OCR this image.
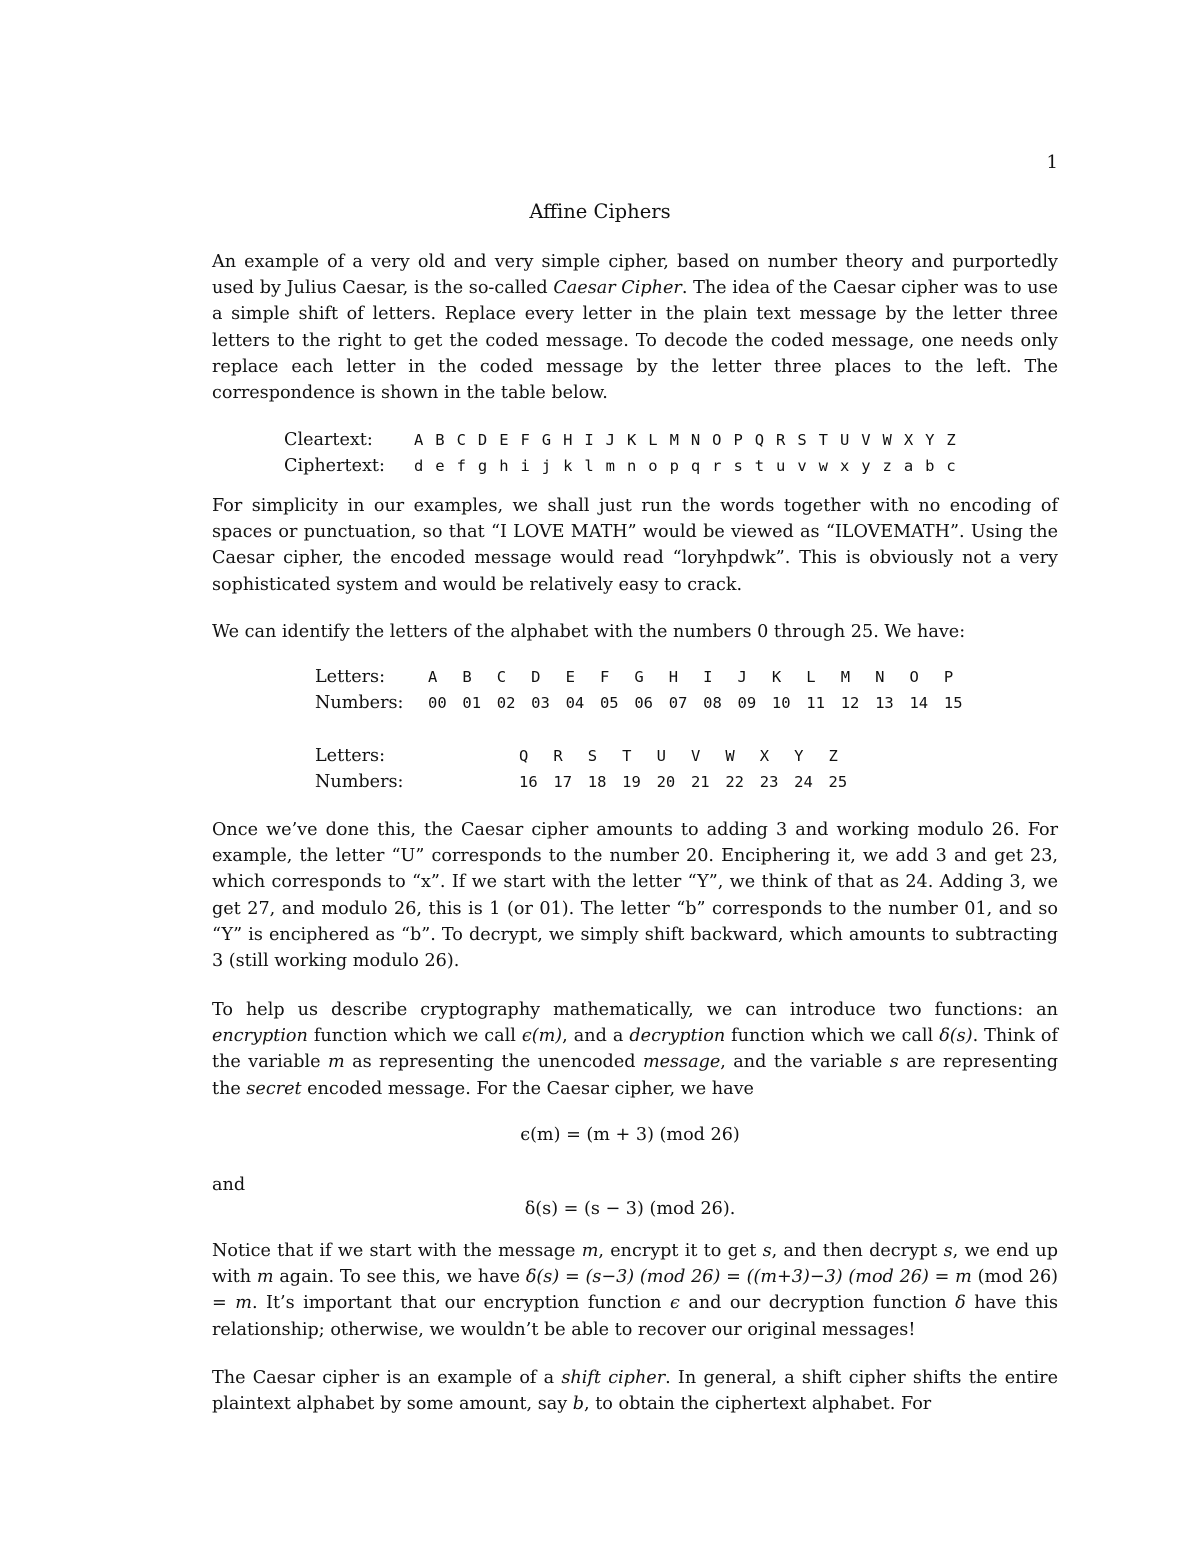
1
Affine Ciphers

An example of a very old and very simple cipher, based on number theory and purportedly used by Julius Caesar, is the so-called Caesar Cipher. The idea of the Caesar cipher was to use a simple shift of letters. Replace every letter in the plain text message by the letter three letters to the right to get the coded message. To decode the coded message, one needs only replace each letter in the coded message by the letter three places to the left. The correspondence is shown in the table below.

Cleartext:	A B C D E F G H I J K L M N O P Q R S T U V W X Y Z
Ciphertext:	d e f g h i j k l m n o p q r s t u v w x y z a b c

For simplicity in our examples, we shall just run the words together with no encoding of spaces or punctuation, so that “I LOVE MATH” would be viewed as “ILOVEMATH”. Using the Caesar cipher, the encoded message would read “loryhpdwk”. This is obviously not a very sophisticated system and would be relatively easy to crack.

We can identify the letters of the alphabet with the numbers 0 through 25. We have:

Letters:	A	B	C	D	E	F	G	H	I	J	K	L	M	N	O	P
Numbers:	00	01	02	03	04	05	06	07	08	09	10	11	12	13	14	15
Letters:	Q	R	S	T	U	V	W	X	Y	Z
Numbers:	16	17	18	19	20	21	22	23	24	25

Once we’ve done this, the Caesar cipher amounts to adding 3 and working modulo 26. For example, the letter “U” corresponds to the number 20. Enciphering it, we add 3 and get 23, which corresponds to “x”. If we start with the letter “Y”, we think of that as 24. Adding 3, we get 27, and modulo 26, this is 1 (or 01). The letter “b” corresponds to the number 01, and so “Y” is enciphered as “b”. To decrypt, we simply shift backward, which amounts to subtracting 3 (still working modulo 26).

To help us describe cryptography mathematically, we can introduce two functions: an encryption function which we call ϵ(m), and a decryption function which we call δ(s). Think of the variable m as representing the unencoded message, and the variable s are representing the secret encoded message. For the Caesar cipher, we have

ϵ(m) = (m + 3) (mod 26)

and

δ(s) = (s − 3) (mod 26).

Notice that if we start with the message m, encrypt it to get s, and then decrypt s, we end up with m again. To see this, we have δ(s) = (s−3) (mod 26) = ((m+3)−3) (mod 26) = m (mod 26) = m. It’s important that our encryption function ϵ and our decryption function δ have this relationship; otherwise, we wouldn’t be able to recover our original messages!

The Caesar cipher is an example of a shift cipher. In general, a shift cipher shifts the entire plaintext alphabet by some amount, say b, to obtain the ciphertext alphabet. For
